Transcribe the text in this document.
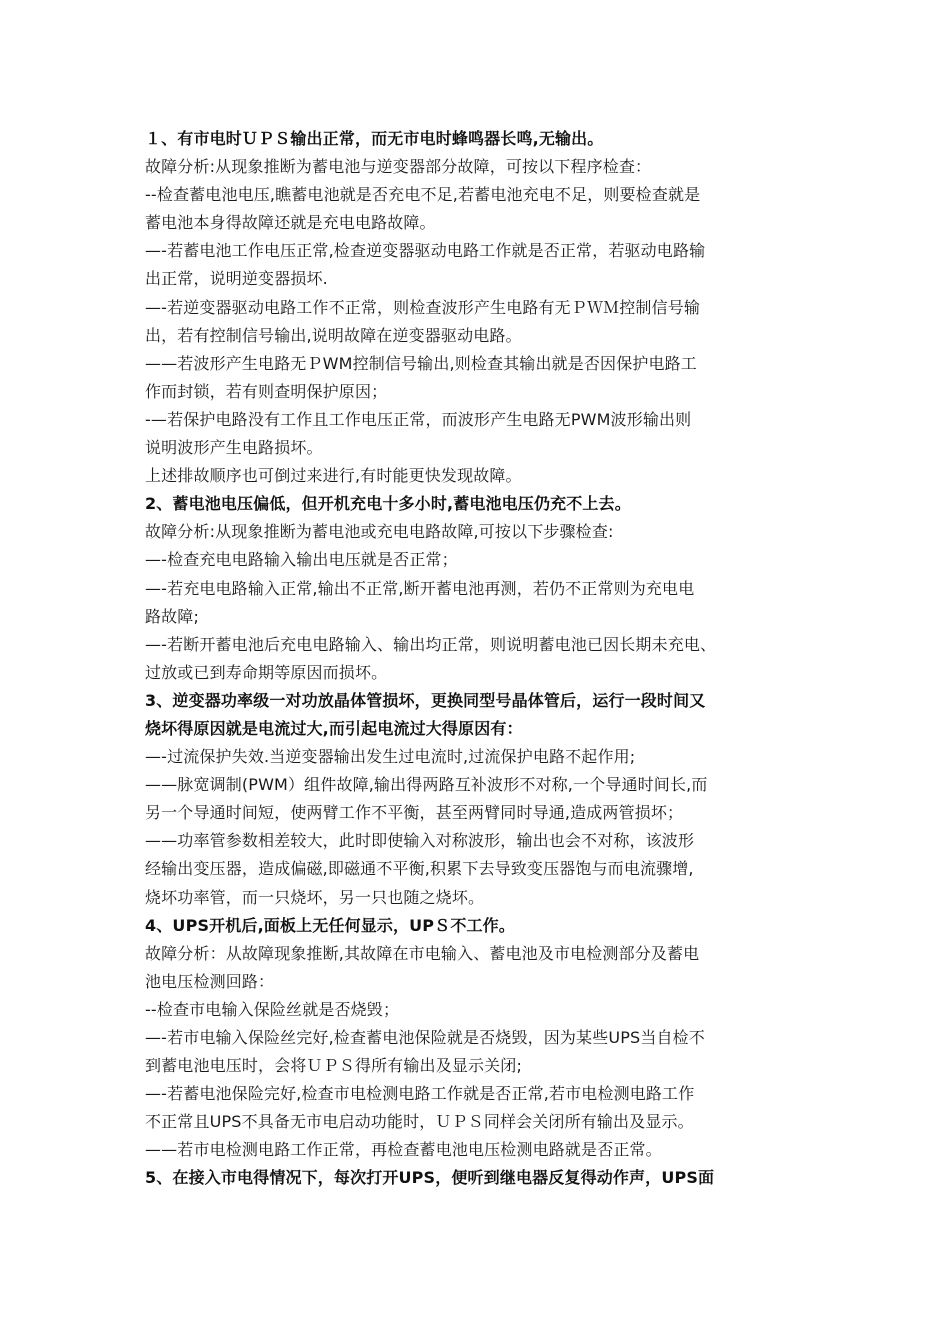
１、有市电时ＵＰＳ输出正常，而无市电时蜂鸣器长鸣,无输出。
故障分析:从现象推断为蓄电池与逆变器部分故障，可按以下程序检查：
--检查蓄电池电压,瞧蓄电池就是否充电不足,若蓄电池充电不足，则要检查就是
蓄电池本身得故障还就是充电电路故障。
—-若蓄电池工作电压正常,检查逆变器驱动电路工作就是否正常，若驱动电路输
出正常，说明逆变器损坏.
—-若逆变器驱动电路工作不正常，则检查波形产生电路有无ＰＷＭ控制信号输
出，若有控制信号输出,说明故障在逆变器驱动电路。
——若波形产生电路无ＰWM控制信号输出,则检查其输出就是否因保护电路工
作而封锁，若有则查明保护原因；
-—若保护电路没有工作且工作电压正常，而波形产生电路无PWM波形输出则
说明波形产生电路损坏。
上述排故顺序也可倒过来进行,有时能更快发现故障。
2、蓄电池电压偏低，但开机充电十多小时,蓄电池电压仍充不上去。
故障分析:从现象推断为蓄电池或充电电路故障,可按以下步骤检查:
—-检查充电电路输入输出电压就是否正常；
—-若充电电路输入正常,输出不正常,断开蓄电池再测，若仍不正常则为充电电
路故障;
—-若断开蓄电池后充电电路输入、输出均正常，则说明蓄电池已因长期未充电、
过放或已到寿命期等原因而损坏。
3、逆变器功率级一对功放晶体管损坏，更换同型号晶体管后，运行一段时间又
烧坏得原因就是电流过大,而引起电流过大得原因有：
—-过流保护失效.当逆变器输出发生过电流时,过流保护电路不起作用;
——脉宽调制(PWM）组件故障,输出得两路互补波形不对称,一个导通时间长,而
另一个导通时间短，使两臂工作不平衡，甚至两臂同时导通,造成两管损坏；
——功率管参数相差较大，此时即使输入对称波形，输出也会不对称，该波形
经输出变压器，造成偏磁,即磁通不平衡,积累下去导致变压器饱与而电流骤增,
烧坏功率管，而一只烧坏，另一只也随之烧坏。
4、UPS开机后,面板上无任何显示，UPＳ不工作。
故障分析：从故障现象推断,其故障在市电输入、蓄电池及市电检测部分及蓄电
池电压检测回路：
--检查市电输入保险丝就是否烧毁；
—-若市电输入保险丝完好,检查蓄电池保险就是否烧毁，因为某些UPS当自检不
到蓄电池电压时，会将ＵＰＳ得所有输出及显示关闭;
—-若蓄电池保险完好,检查市电检测电路工作就是否正常,若市电检测电路工作
不正常且UPS不具备无市电启动功能时，ＵＰＳ同样会关闭所有输出及显示。
——若市电检测电路工作正常，再检查蓄电池电压检测电路就是否正常。
5、在接入市电得情况下，每次打开UPS，便听到继电器反复得动作声，UPS面
